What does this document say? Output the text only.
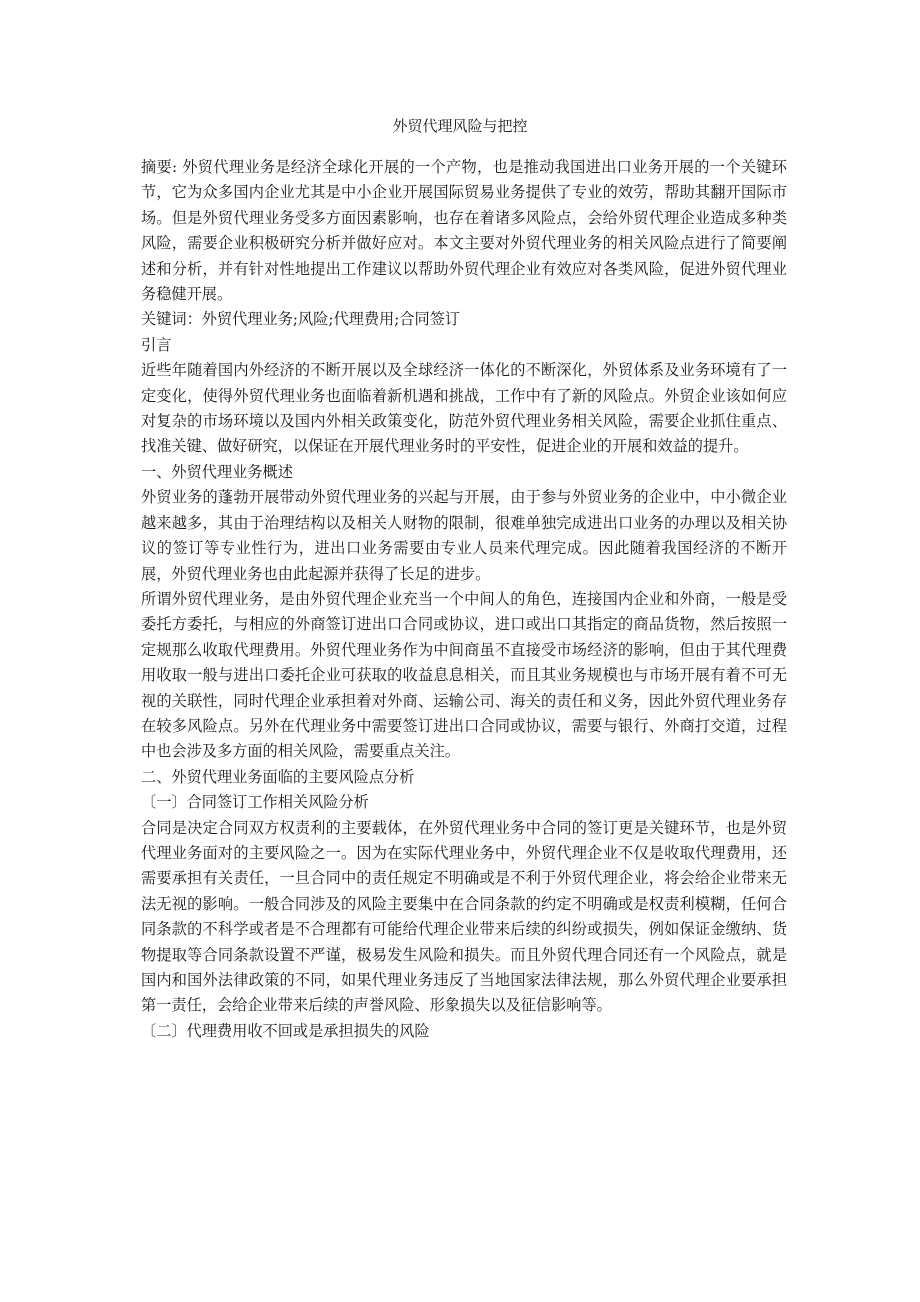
外贸代理风险与把控

摘要: 外贸代理业务是经济全球化开展的一个产物，也是推动我国进出口业务开展的一个关键环节，它为众多国内企业尤其是中小企业开展国际贸易业务提供了专业的效劳，帮助其翻开国际市场。但是外贸代理业务受多方面因素影响，也存在着诸多风险点，会给外贸代理企业造成多种类风险，需要企业积极研究分析并做好应对。本文主要对外贸代理业务的相关风险点进行了简要阐述和分析，并有针对性地提出工作建议以帮助外贸代理企业有效应对各类风险，促进外贸代理业务稳健开展。

关键词：外贸代理业务;风险;代理费用;合同签订

引言

近些年随着国内外经济的不断开展以及全球经济一体化的不断深化，外贸体系及业务环境有了一定变化，使得外贸代理业务也面临着新机遇和挑战，工作中有了新的风险点。外贸企业该如何应对复杂的市场环境以及国内外相关政策变化，防范外贸代理业务相关风险，需要企业抓住重点、找准关键、做好研究，以保证在开展代理业务时的平安性，促进企业的开展和效益的提升。

一、外贸代理业务概述

外贸业务的蓬勃开展带动外贸代理业务的兴起与开展，由于参与外贸业务的企业中，中小微企业越来越多，其由于治理结构以及相关人财物的限制，很难单独完成进出口业务的办理以及相关协议的签订等专业性行为，进出口业务需要由专业人员来代理完成。因此随着我国经济的不断开展，外贸代理业务也由此起源并获得了长足的进步。

所谓外贸代理业务，是由外贸代理企业充当一个中间人的角色，连接国内企业和外商，一般是受委托方委托，与相应的外商签订进出口合同或协议，进口或出口其指定的商品货物，然后按照一定规那么收取代理费用。外贸代理业务作为中间商虽不直接受市场经济的影响，但由于其代理费用收取一般与进出口委托企业可获取的收益息息相关，而且其业务规模也与市场开展有着不可无视的关联性，同时代理企业承担着对外商、运输公司、海关的责任和义务，因此外贸代理业务存在较多风险点。另外在代理业务中需要签订进出口合同或协议，需要与银行、外商打交道，过程中也会涉及多方面的相关风险，需要重点关注。

二、外贸代理业务面临的主要风险点分析

〔一〕合同签订工作相关风险分析

合同是决定合同双方权责利的主要载体，在外贸代理业务中合同的签订更是关键环节，也是外贸代理业务面对的主要风险之一。因为在实际代理业务中，外贸代理企业不仅是收取代理费用，还需要承担有关责任，一旦合同中的责任规定不明确或是不利于外贸代理企业，将会给企业带来无法无视的影响。一般合同涉及的风险主要集中在合同条款的约定不明确或是权责利模糊，任何合同条款的不科学或者是不合理都有可能给代理企业带来后续的纠纷或损失，例如保证金缴纳、货物提取等合同条款设置不严谨，极易发生风险和损失。而且外贸代理合同还有一个风险点，就是国内和国外法律政策的不同，如果代理业务违反了当地国家法律法规，那么外贸代理企业要承担第一责任，会给企业带来后续的声誉风险、形象损失以及征信影响等。

〔二〕代理费用收不回或是承担损失的风险
